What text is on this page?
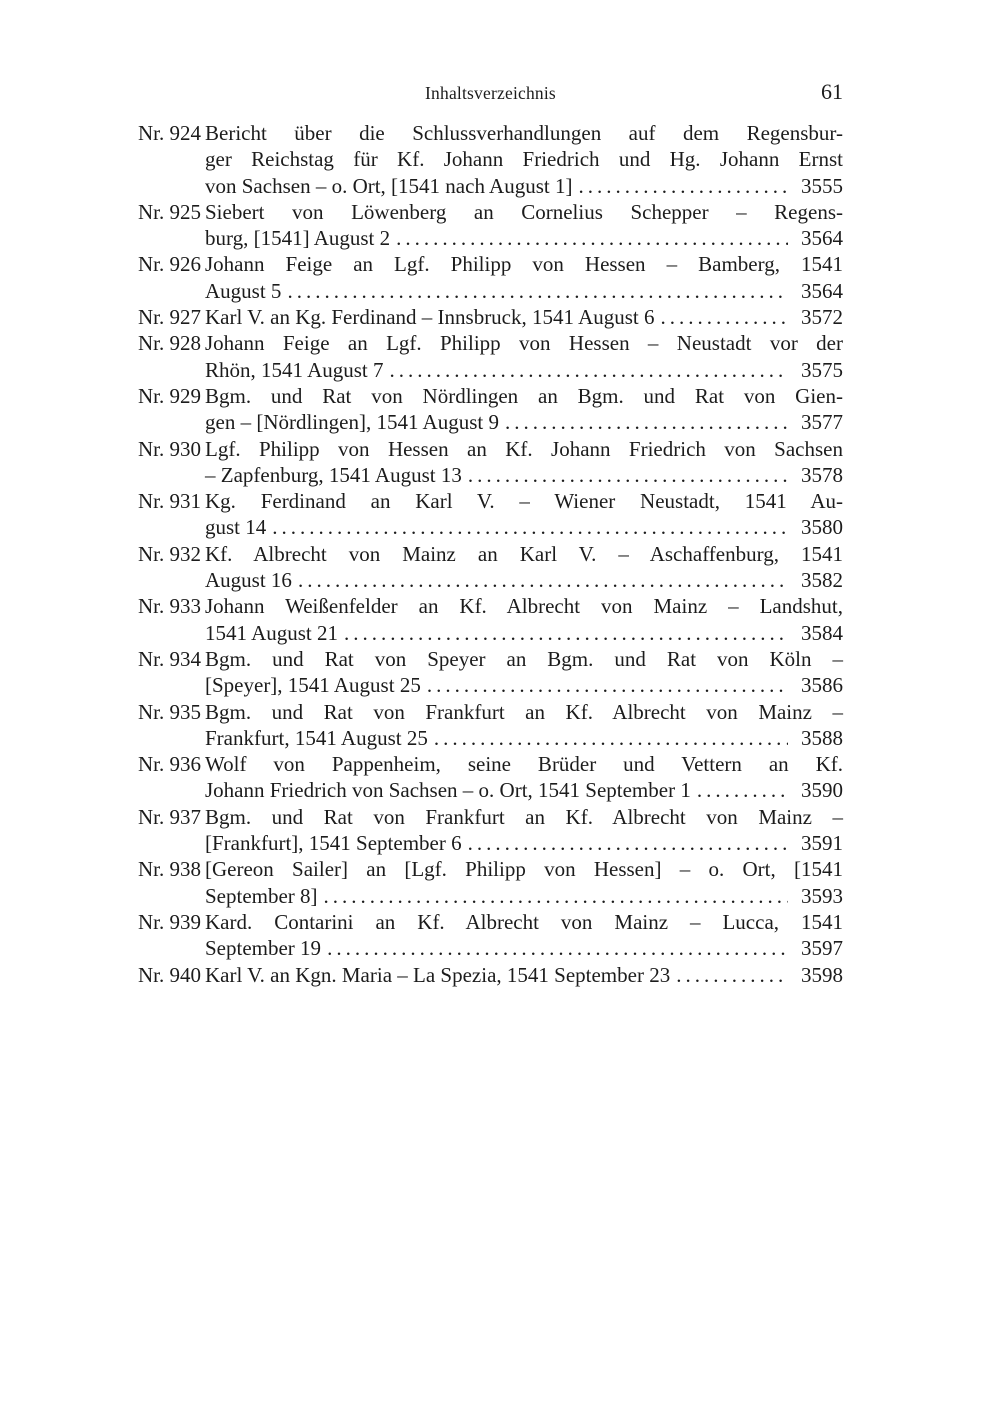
Inhaltsverzeichnis	61
Nr. 924 Bericht über die Schlussverhandlungen auf dem Regensbur-
ger Reichstag für Kf. Johann Friedrich und Hg. Johann Ernst
von Sachsen – o. Ort, [1541 nach August 1] .....	3555
Nr. 925 Siebert von Löwenberg an Cornelius Schepper – Regens-
burg, [1541] August 2 .....	3564
Nr. 926 Johann Feige an Lgf. Philipp von Hessen – Bamberg, 1541
August 5 .....	3564
Nr. 927 Karl V. an Kg. Ferdinand – Innsbruck, 1541 August 6 .....	3572
Nr. 928 Johann Feige an Lgf. Philipp von Hessen – Neustadt vor der
Rhön, 1541 August 7 .....	3575
Nr. 929 Bgm. und Rat von Nördlingen an Bgm. und Rat von Gien-
gen – [Nördlingen], 1541 August 9 .....	3577
Nr. 930 Lgf. Philipp von Hessen an Kf. Johann Friedrich von Sachsen
– Zapfenburg, 1541 August 13 .....	3578
Nr. 931 Kg. Ferdinand an Karl V. – Wiener Neustadt, 1541 Au-
gust 14 .....	3580
Nr. 932 Kf. Albrecht von Mainz an Karl V. – Aschaffenburg, 1541
August 16 .....	3582
Nr. 933 Johann Weißenfelder an Kf. Albrecht von Mainz – Landshut,
1541 August 21 .....	3584
Nr. 934 Bgm. und Rat von Speyer an Bgm. und Rat von Köln –
[Speyer], 1541 August 25 .....	3586
Nr. 935 Bgm. und Rat von Frankfurt an Kf. Albrecht von Mainz –
Frankfurt, 1541 August 25 .....	3588
Nr. 936 Wolf von Pappenheim, seine Brüder und Vettern an Kf.
Johann Friedrich von Sachsen – o. Ort, 1541 September 1 .....	3590
Nr. 937 Bgm. und Rat von Frankfurt an Kf. Albrecht von Mainz –
[Frankfurt], 1541 September 6 .....	3591
Nr. 938 [Gereon Sailer] an [Lgf. Philipp von Hessen] – o. Ort, [1541
September 8] .....	3593
Nr. 939 Kard. Contarini an Kf. Albrecht von Mainz – Lucca, 1541
September 19 .....	3597
Nr. 940 Karl V. an Kgn. Maria – La Spezia, 1541 September 23 .....	3598
